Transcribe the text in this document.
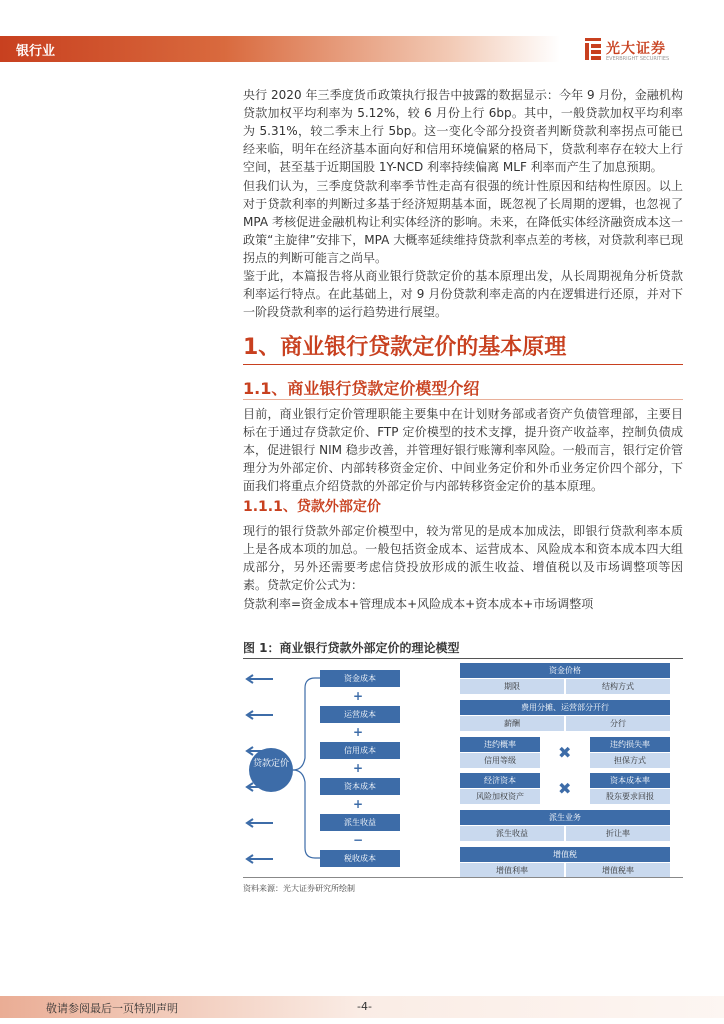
银行业	光大证券
EVERBRIGHT SECURITIES

央行 2020 年三季度货币政策执行报告中披露的数据显示：今年 9 月份，金融机构贷款加权平均利率为 5.12%，较 6 月份上行 6bp。其中，一般贷款加权平均利率为 5.31%，较二季末上行 5bp。这一变化令部分投资者判断贷款利率拐点可能已经来临，明年在经济基本面向好和信用环境偏紧的格局下，贷款利率存在较大上行空间，甚至基于近期国股 1Y-NCD 利率持续偏离 MLF 利率而产生了加息预期。

但我们认为，三季度贷款利率季节性走高有很强的统计性原因和结构性原因。以上对于贷款利率的判断过多基于经济短期基本面，既忽视了长周期的逻辑，也忽视了 MPA 考核促进金融机构让利实体经济的影响。未来，在降低实体经济融资成本这一政策“主旋律”安排下，MPA 大概率延续维持贷款利率点差的考核，对贷款利率已现拐点的判断可能言之尚早。

鉴于此，本篇报告将从商业银行贷款定价的基本原理出发，从长周期视角分析贷款利率运行特点。在此基础上，对 9 月份贷款利率走高的内在逻辑进行还原，并对下一阶段贷款利率的运行趋势进行展望。

1、商业银行贷款定价的基本原理
1.1、商业银行贷款定价模型介绍

目前，商业银行定价管理职能主要集中在计划财务部或者资产负债管理部，主要目标在于通过存贷款定价、FTP 定价模型的技术支撑，提升资产收益率，控制负债成本，促进银行 NIM 稳步改善，并管理好银行账簿利率风险。一般而言，银行定价管理分为外部定价、内部转移资金定价、中间业务定价和外币业务定价四个部分，下面我们将重点介绍贷款的外部定价与内部转移资金定价的基本原理。

1.1.1、贷款外部定价

现行的银行贷款外部定价模型中，较为常见的是成本加成法，即银行贷款利率本质上是各成本项的加总。一般包括资金成本、运营成本、风险成本和资本成本四大组成部分，另外还需要考虑信贷投放形成的派生收益、增值税以及市场调整项等因素。贷款定价公式为：

贷款利率=资金成本+管理成本+风险成本+资本成本+市场调整项
图 1：商业银行贷款外部定价的理论模型
贷款定价
资金成本
+
运营成本
+
信用成本
+
资本成本
+
派生收益
−
税收成本
资金价格
期限	结构方式
费用分摊、运营部分开行
薪酬	分行
违约概率
信用等级	✖	违约损失率
担保方式
经济资本
风险加权资产	✖	资本成本率
股东要求回报
派生业务
派生收益	折让率
增值税
增值利率	增值税率
资料来源：光大证券研究所绘制
敬请参阅最后一页特别声明	-4-
